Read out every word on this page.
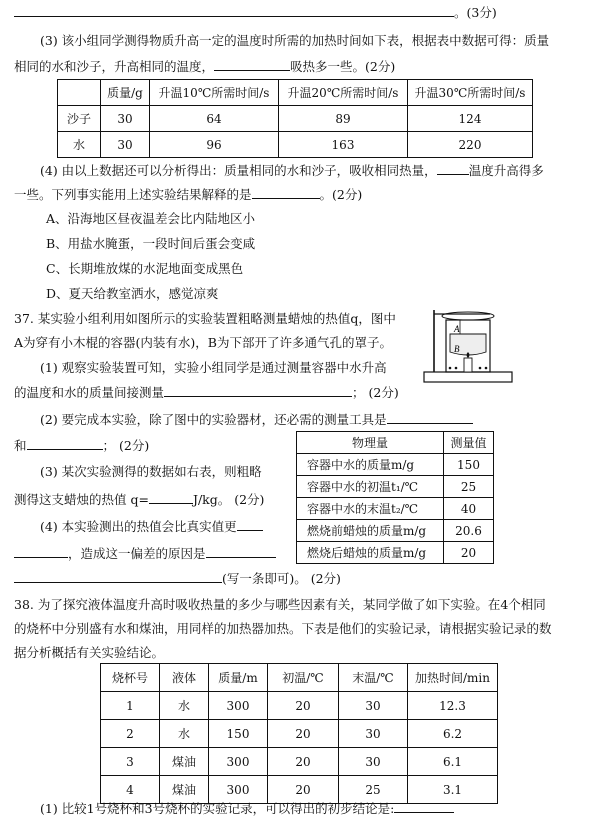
。(3分)
(3) 该小组同学测得物质升高一定的温度时所需的加热时间如下表，根据表中数据可得：质量
相同的水和沙子，升高相同的温度，	吸热多一些。(2分)
	质量/g	升温10℃所需时间/s	升温20℃所需时间/s	升温30℃所需时间/s
沙子	30	64	89	124
水	30	96	163	220
(4) 由以上数据还可以分析得出：质量相同的水和沙子，吸收相同热量，	温度升高得多
一些。下列事实能用上述实验结果解释的是	。(2分)
A、沿海地区昼夜温差会比内陆地区小
B、用盐水腌蛋，一段时间后蛋会变咸
C、长期堆放煤的水泥地面变成黑色
D、夏天给教室洒水，感觉凉爽
37. 某实验小组利用如图所示的实验装置粗略测量蜡烛的热值q，图中
A为穿有小木棍的容器(内装有水)，B为下部开了许多通气孔的罩子。
(1) 观察实验装置可知，实验小组同学是通过测量容器中水升高
的温度和水的质量间接测量	； (2分)
(2) 要完成本实验，除了图中的实验器材，还必需的测量工具是
和	； (2分)
(3) 某次实验测得的数据如右表，则粗略
测得这支蜡烛的热值 q=	J/kg。 (2分)
(4) 本实验测出的热值会比真实值更
，造成这一偏差的原因是
(写一条即可)。 (2分)
A
B
物理量	测量值
容器中水的质量m/g	150
容器中水的初温t₁/℃	25
容器中水的末温t₂/℃	40
燃烧前蜡烛的质量m/g	20.6
燃烧后蜡烛的质量m/g	20
38. 为了探究液体温度升高时吸收热量的多少与哪些因素有关，某同学做了如下实验。在4个相同
的烧杯中分别盛有水和煤油，用同样的加热器加热。下表是他们的实验记录，请根据实验记录的数
据分析概括有关实验结论。
烧杯号	液体	质量/m	初温/℃	末温/℃	加热时间/min
1	水	300	20	30	12.3
2	水	150	20	30	6.2
3	煤油	300	20	30	6.1
4	煤油	300	20	25	3.1
(1) 比较1号烧杯和3号烧杯的实验记录，可以得出的初步结论是:
